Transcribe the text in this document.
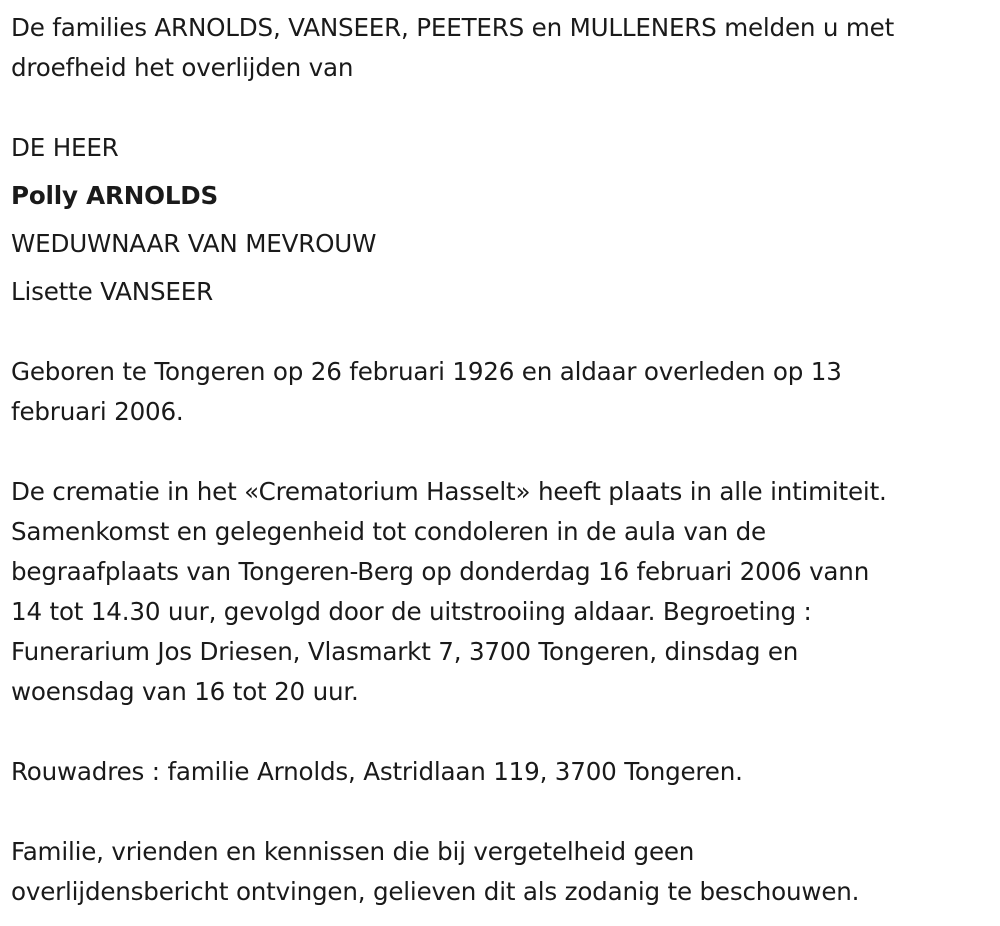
De families ARNOLDS, VANSEER, PEETERS en MULLENERS melden u met
droefheid het overlijden van
DE HEER
Polly ARNOLDS
WEDUWNAAR VAN MEVROUW
Lisette VANSEER
Geboren te Tongeren op 26 februari 1926 en aldaar overleden op 13
februari 2006.
De crematie in het «Crematorium Hasselt» heeft plaats in alle intimiteit.
Samenkomst en gelegenheid tot condoleren in de aula van de
begraafplaats van Tongeren-Berg op donderdag 16 februari 2006 vann
14 tot 14.30 uur, gevolgd door de uitstrooiing aldaar. Begroeting :
Funerarium Jos Driesen, Vlasmarkt 7, 3700 Tongeren, dinsdag en
woensdag van 16 tot 20 uur.
Rouwadres : familie Arnolds, Astridlaan 119, 3700 Tongeren.
Familie, vrienden en kennissen die bij vergetelheid geen
overlijdensbericht ontvingen, gelieven dit als zodanig te beschouwen.
